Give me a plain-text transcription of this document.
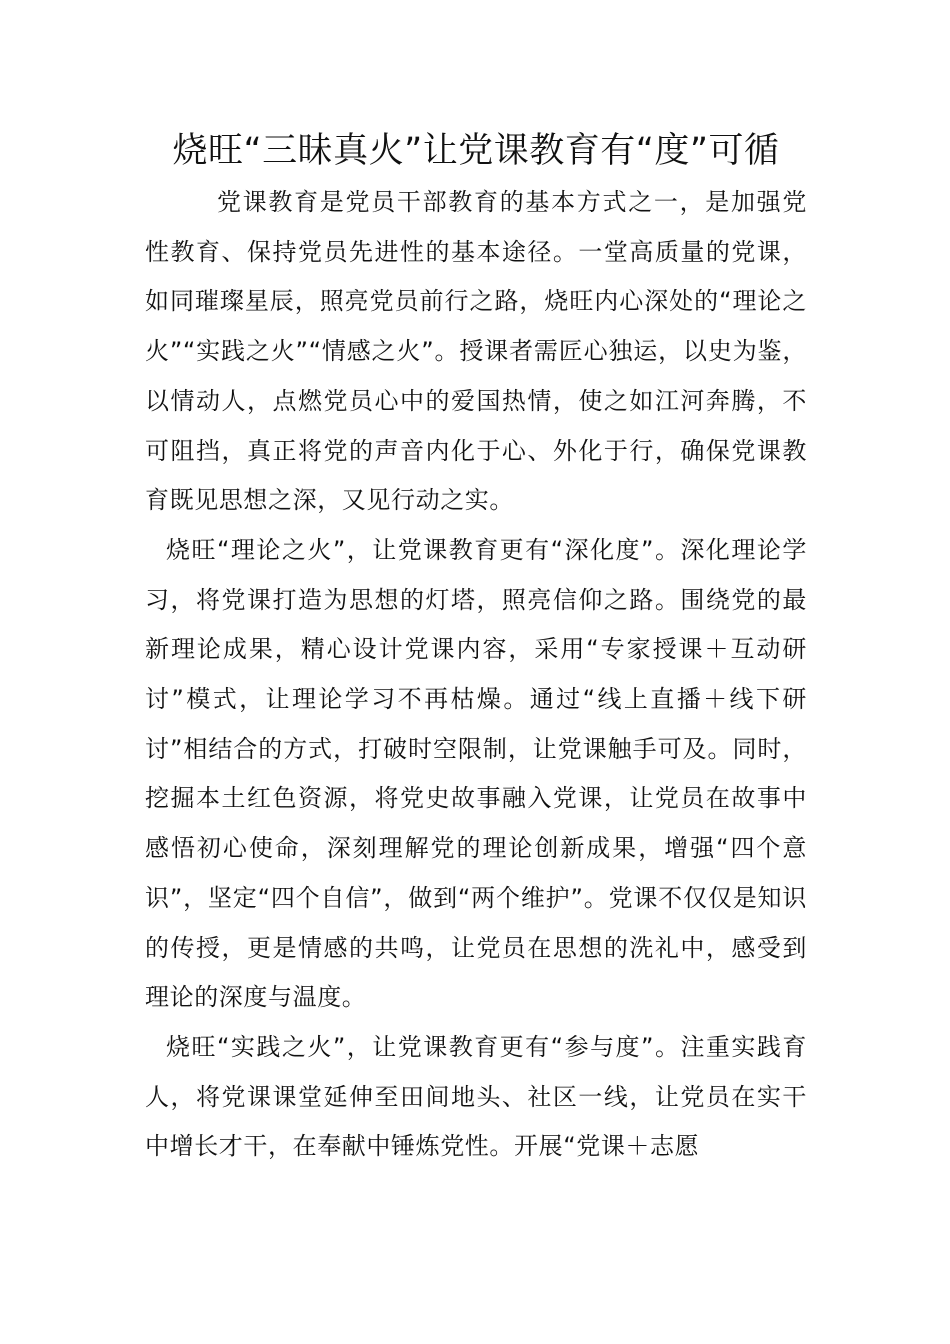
烧旺“三昧真火”让党课教育有“度”可循

党课教育是党员干部教育的基本方式之一，是加强党性教育、保持党员先进性的基本途径。一堂高质量的党课，如同璀璨星辰，照亮党员前行之路，烧旺内心深处的“理论之火”“实践之火”“情感之火”。授课者需匠心独运，以史为鉴，以情动人，点燃党员心中的爱国热情，使之如江河奔腾，不可阻挡，真正将党的声音内化于心、外化于行，确保党课教育既见思想之深，又见行动之实。

烧旺“理论之火”，让党课教育更有“深化度”。深化理论学习，将党课打造为思想的灯塔，照亮信仰之路。围绕党的最新理论成果，精心设计党课内容，采用“专家授课＋互动研讨”模式，让理论学习不再枯燥。通过“线上直播＋线下研讨”相结合的方式，打破时空限制，让党课触手可及。同时，挖掘本土红色资源，将党史故事融入党课，让党员在故事中感悟初心使命，深刻理解党的理论创新成果，增强“四个意识”，坚定“四个自信”，做到“两个维护”。党课不仅仅是知识的传授，更是情感的共鸣，让党员在思想的洗礼中，感受到理论的深度与温度。

烧旺“实践之火”，让党课教育更有“参与度”。注重实践育人，将党课课堂延伸至田间地头、社区一线，让党员在实干中增长才干，在奉献中锤炼党性。开展“党课＋志愿
